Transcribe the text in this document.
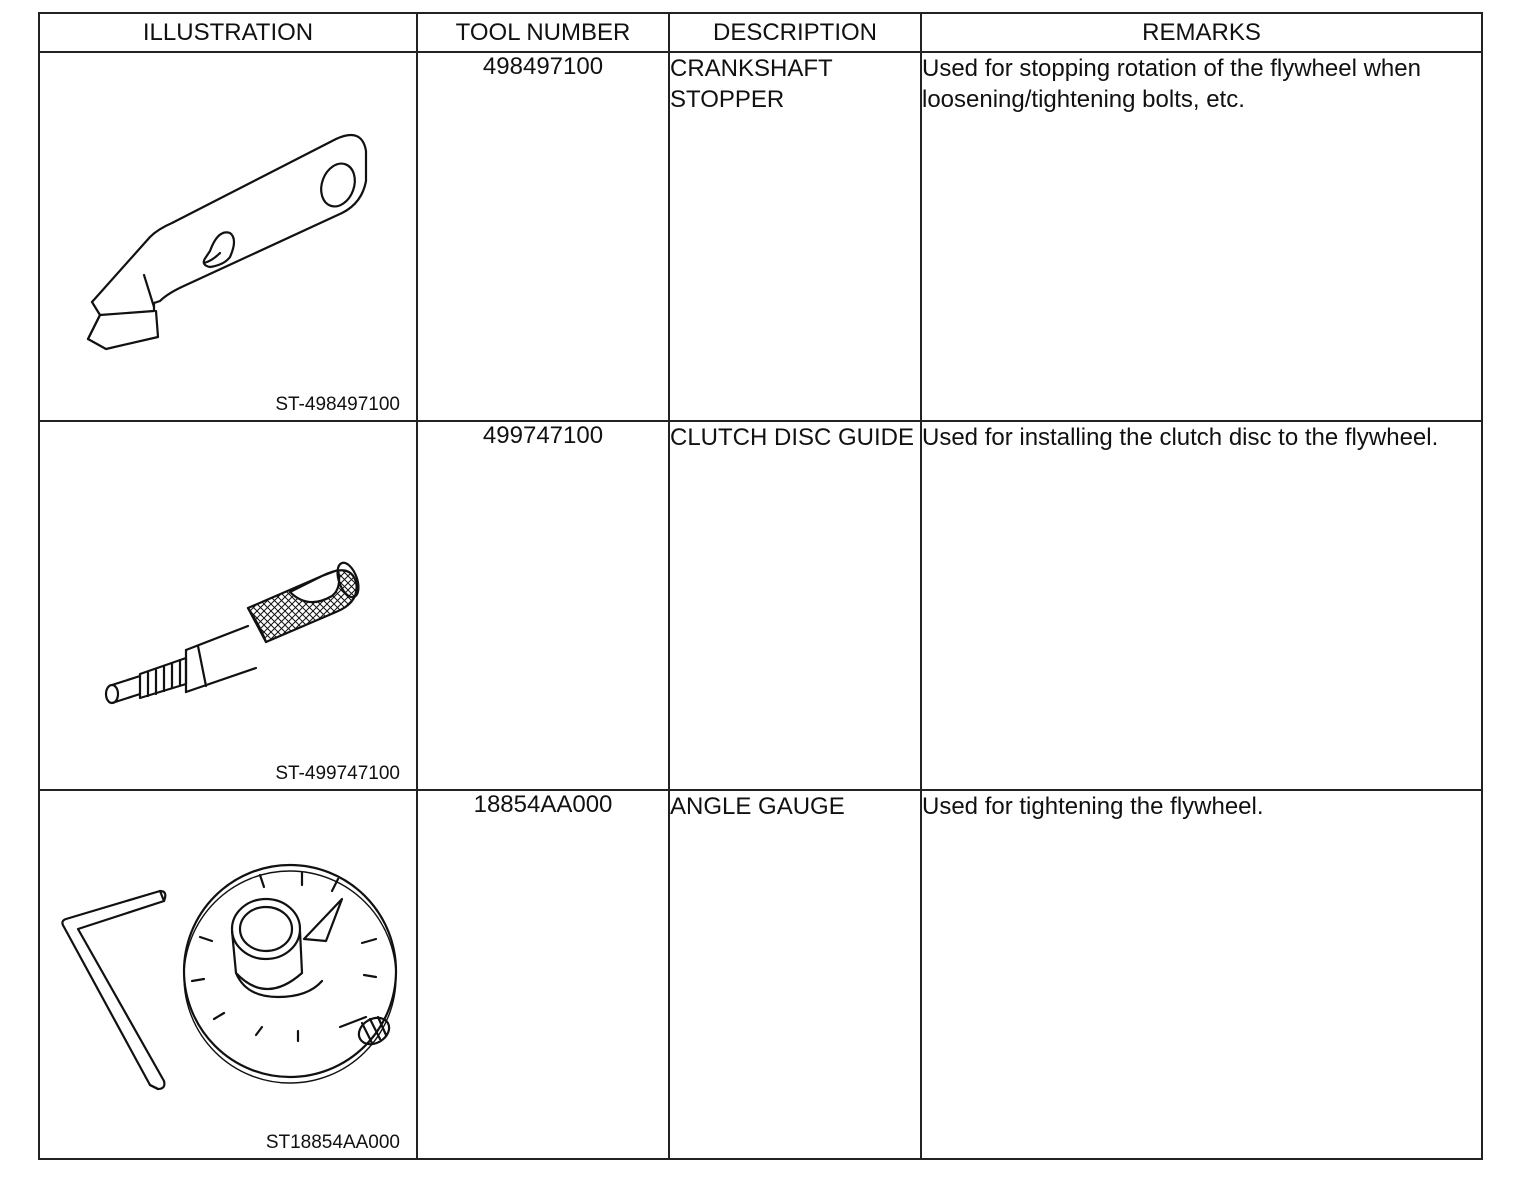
ILLUSTRATION	TOOL NUMBER	DESCRIPTION	REMARKS

ST-498497100	498497100	CRANKSHAFT STOPPER	Used for stopping rotation of the flywheel when loosening/tightening bolts, etc.

ST-499747100	499747100	CLUTCH DISC GUIDE	Used for installing the clutch disc to the flywheel.

ST18854AA000	18854AA000	ANGLE GAUGE	Used for tightening the flywheel.
